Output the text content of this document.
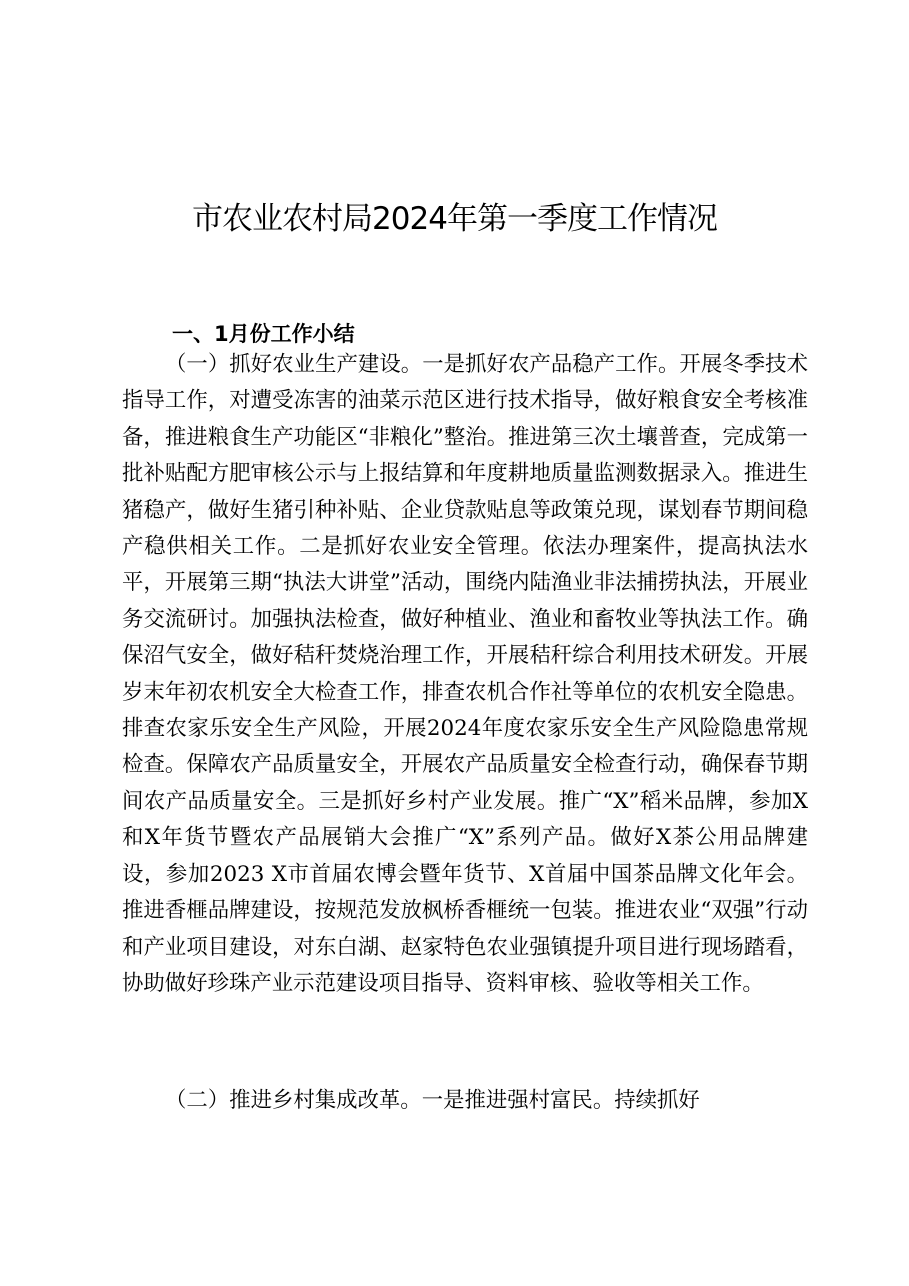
市农业农村局2024年第一季度工作情况
一、1月份工作小结

（一）抓好农业生产建设。一是抓好农产品稳产工作。开展冬季技术指导工作，对遭受冻害的油菜示范区进行技术指导，做好粮食安全考核准备，推进粮食生产功能区“非粮化”整治。推进第三次土壤普查，完成第一批补贴配方肥审核公示与上报结算和年度耕地质量监测数据录入。推进生猪稳产，做好生猪引种补贴、企业贷款贴息等政策兑现，谋划春节期间稳产稳供相关工作。二是抓好农业安全管理。依法办理案件，提高执法水平，开展第三期“执法大讲堂”活动，围绕内陆渔业非法捕捞执法，开展业务交流研讨。加强执法检查，做好种植业、渔业和畜牧业等执法工作。确保沼气安全，做好秸秆焚烧治理工作，开展秸秆综合利用技术研发。开展岁末年初农机安全大检查工作，排查农机合作社等单位的农机安全隐患。排查农家乐安全生产风险，开展2024年度农家乐安全生产风险隐患常规检查。保障农产品质量安全，开展农产品质量安全检查行动，确保春节期间农产品质量安全。三是抓好乡村产业发展。推广“X”稻米品牌，参加X和X年货节暨农产品展销大会推广“X”系列产品。做好X茶公用品牌建设，参加2023 X市首届农博会暨年货节、X首届中国茶品牌文化年会。推进香榧品牌建设，按规范发放枫桥香榧统一包装。推进农业“双强”行动和产业项目建设，对东白湖、赵家特色农业强镇提升项目进行现场踏看，协助做好珍珠产业示范建设项目指导、资料审核、验收等相关工作。

（二）推进乡村集成改革。一是推进强村富民。持续抓好
